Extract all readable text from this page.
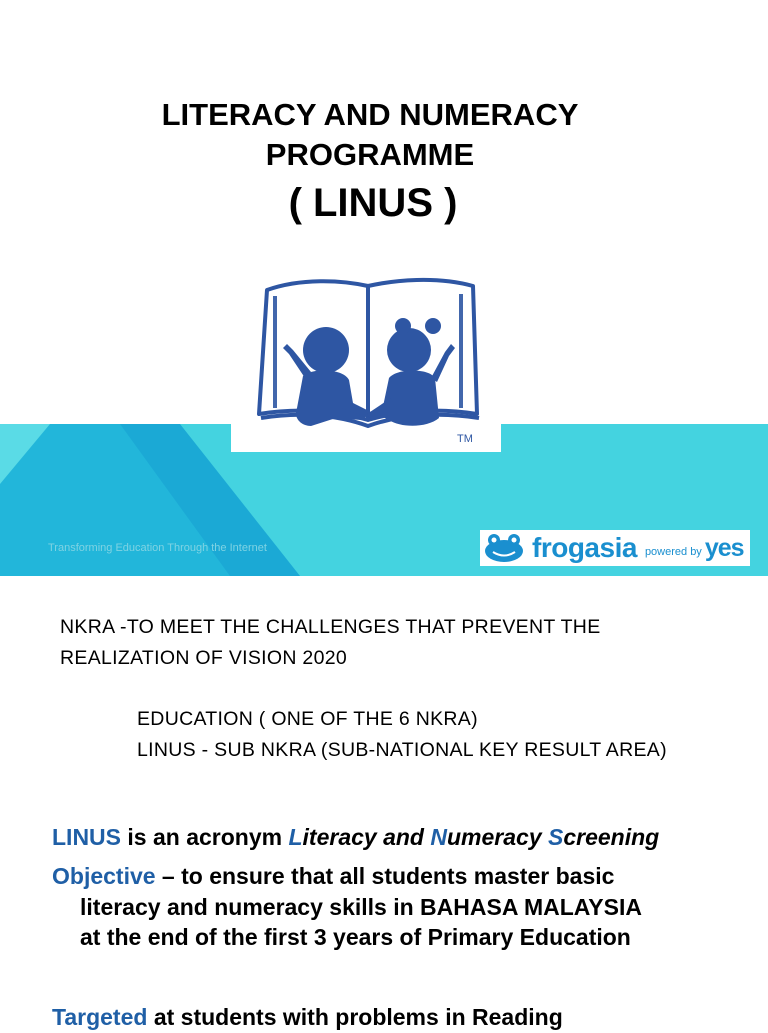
LITERACY AND NUMERACY
PROGRAMME
( LINUS )
Transforming Education Through the Internet
TM
frogasia powered by yes
NKRA -TO MEET THE CHALLENGES THAT PREVENT THE
REALIZATION OF VISION 2020
EDUCATION ( ONE OF THE 6 NKRA)
LINUS - SUB NKRA (SUB-NATIONAL KEY RESULT AREA)
LINUS is an acronym Literacy and Numeracy Screening
Objective – to ensure that all students master basic
literacy and numeracy skills in BAHASA MALAYSIA
at the end of the first 3 years of Primary Education
Targeted at students with problems in Reading
